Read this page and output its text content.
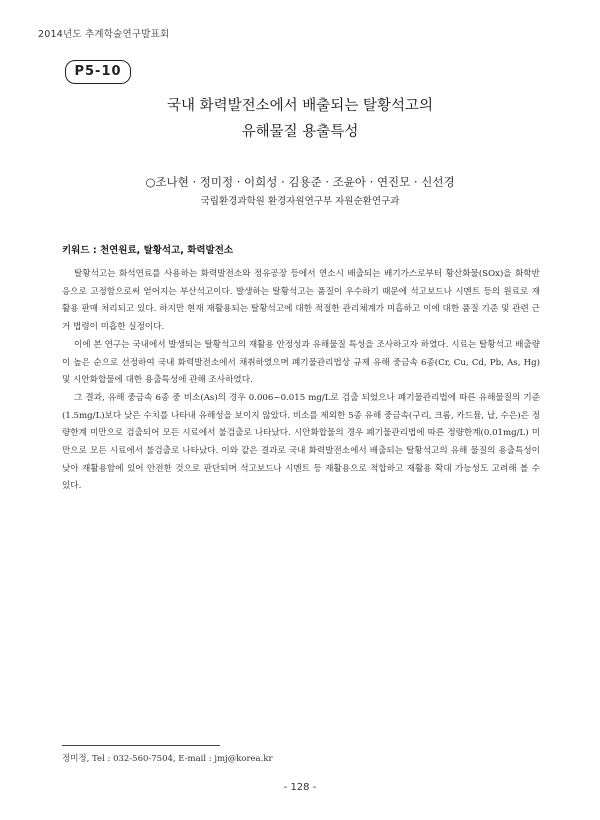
2014년도 추계학술연구발표회
P5-10
국내 화력발전소에서 배출되는 탈황석고의
유해물질 용출특성
○조나현 · 정미정 · 이희성 · 김용준 · 조윤아 · 연진모 · 신선경
국립환경과학원 환경자원연구부 자원순환연구과
키워드 : 천연원료, 탈황석고, 화력발전소

탈황석고는 화석연료를 사용하는 화력발전소와 정유공장 등에서 연소시 배출되는 배기가스로부터 황산화물(SOx)을 화학반응으로 고정함으로써 얻어지는 부산석고이다. 발생하는 탈황석고는 품질이 우수하기 때문에 석고보드나 시멘트 등의 원료로 재활용 판매 처리되고 있다. 하지만 현재 재활용되는 탈황석고에 대한 적절한 관리체계가 미흡하고 이에 대한 품질 기준 및 관련 근거 법령이 미흡한 실정이다.

이에 본 연구는 국내에서 발생되는 탈황석고의 재활용 안정성과 유해물질 특성을 조사하고자 하였다. 시료는 탈황석고 배출량이 높은 순으로 선정하여 국내 화력발전소에서 채취하였으며 폐기물관리법상 규제 유해 중금속 6종(Cr, Cu, Cd, Pb, As, Hg) 및 시안화합물에 대한 용출특성에 관해 조사하였다.

그 결과, 유해 중금속 6종 중 비소(As)의 경우 0.006~0.015 mg/L로 검출 되었으나 폐기물관리법에 따른 유해물질의 기준(1.5mg/L)보다 낮은 수치를 나타내 유해성을 보이지 않았다. 비소를 제외한 5종 유해 중금속(구리, 크롬, 카드뮴, 납, 수은)은 정량한계 미만으로 검출되어 모든 시료에서 불검출로 나타났다. 시안화합물의 경우 폐기물관리법에 따른 정량한계(0.01mg/L) 미만으로 모든 시료에서 불검출로 나타났다. 이와 같은 결과로 국내 화력발전소에서 배출되는 탈황석고의 유해 물질의 용출특성이 낮아 재활용함에 있어 안전한 것으로 판단되며 석고보드나 시멘트 등 재활용으로 적합하고 재활용 확대 가능성도 고려해 볼 수 있다.

정미정, Tel : 032-560-7504, E-mail : jmj@korea.kr
- 128 -
